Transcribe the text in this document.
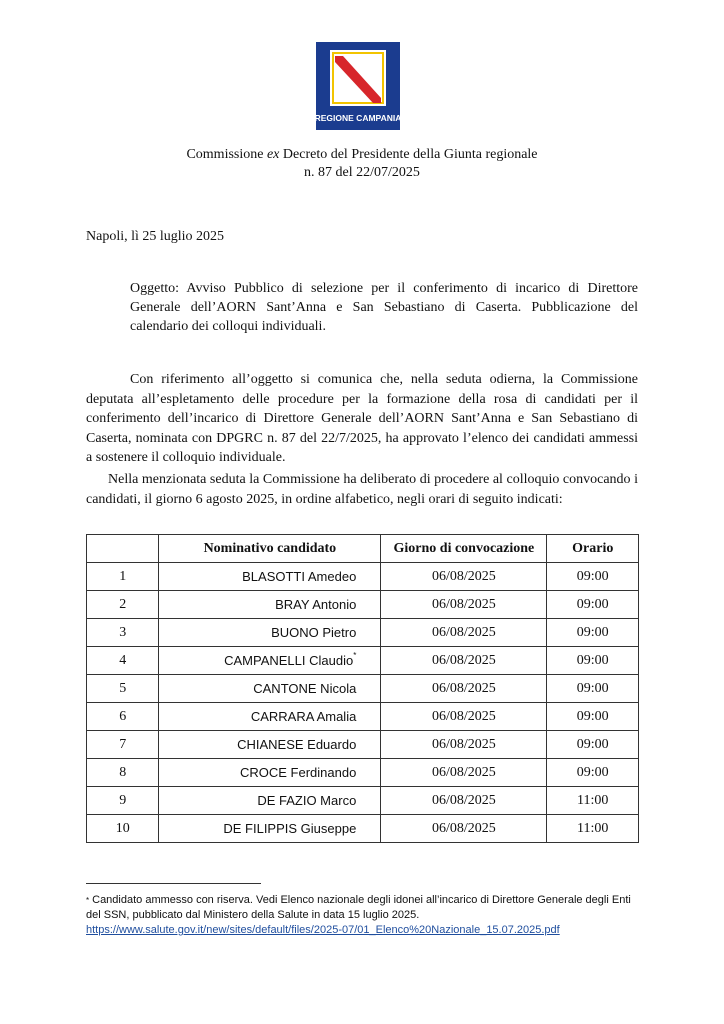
REGIONE CAMPANIA
Commissione ex Decreto del Presidente della Giunta regionale
n. 87 del 22/07/2025
Napoli, lì 25 luglio 2025
Oggetto: Avviso Pubblico di selezione per il conferimento di incarico di Direttore Generale dell’AORN Sant’Anna e San Sebastiano di Caserta. Pubblicazione del calendario dei colloqui individuali.
Con riferimento all’oggetto si comunica che, nella seduta odierna, la Commissione deputata all’espletamento delle procedure per la formazione della rosa di candidati per il conferimento dell’incarico di Direttore Generale dell’AORN Sant’Anna e San Sebastiano di Caserta, nominata con DPGRC n. 87 del 22/7/2025, ha approvato l’elenco dei candidati ammessi a sostenere il colloquio individuale.
Nella menzionata seduta la Commissione ha deliberato di procedere al colloquio convocando i candidati, il giorno 6 agosto 2025, in ordine alfabetico, negli orari di seguito indicati:
	Nominativo candidato	Giorno di convocazione	Orario
1	BLASOTTI Amedeo	06/08/2025	09:00
2	BRAY Antonio	06/08/2025	09:00
3	BUONO Pietro	06/08/2025	09:00
4	CAMPANELLI Claudio*	06/08/2025	09:00
5	CANTONE Nicola	06/08/2025	09:00
6	CARRARA Amalia	06/08/2025	09:00
7	CHIANESE Eduardo	06/08/2025	09:00
8	CROCE Ferdinando	06/08/2025	09:00
9	DE FAZIO Marco	06/08/2025	11:00
10	DE FILIPPIS Giuseppe	06/08/2025	11:00
* Candidato ammesso con riserva. Vedi Elenco nazionale degli idonei all’incarico di Direttore Generale degli Enti del SSN, pubblicato dal Ministero della Salute in data 15 luglio 2025.
https://www.salute.gov.it/new/sites/default/files/2025-07/01_Elenco%20Nazionale_15.07.2025.pdf
